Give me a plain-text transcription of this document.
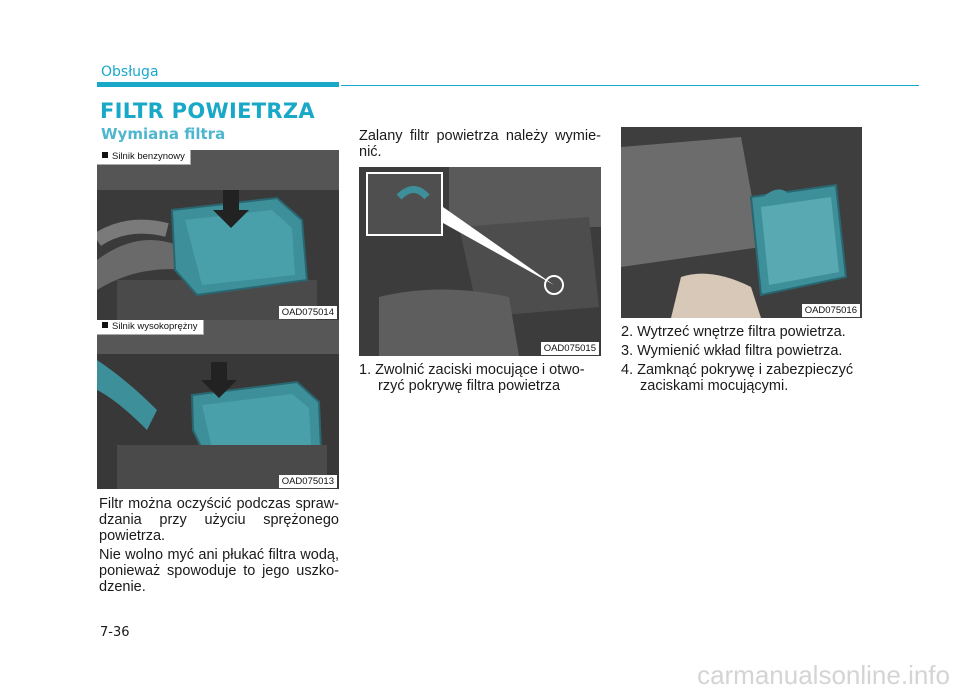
Obsługa
FILTR POWIETRZA
Wymiana filtra
Silnik benzynowy
OAD075014
Silnik wysokoprężny
OAD075013
OAD075015
OAD075016
Filtr można oczyścić podczas spraw-dzania przy użyciu sprężonego powietrza.
Nie wolno myć ani płukać filtra wodą, ponieważ spowoduje to jego uszko-dzenie.
Zalany filtr powietrza należy wymie-nić.
1. Zwolnić zaciski mocujące i otwo-rzyć pokrywę filtra powietrza
2. Wytrzeć wnętrze filtra powietrza.
3. Wymienić wkład filtra powietrza.
4. Zamknąć pokrywę i zabezpieczyć zaciskami mocującymi.
7-36
carmanualsonline.info
